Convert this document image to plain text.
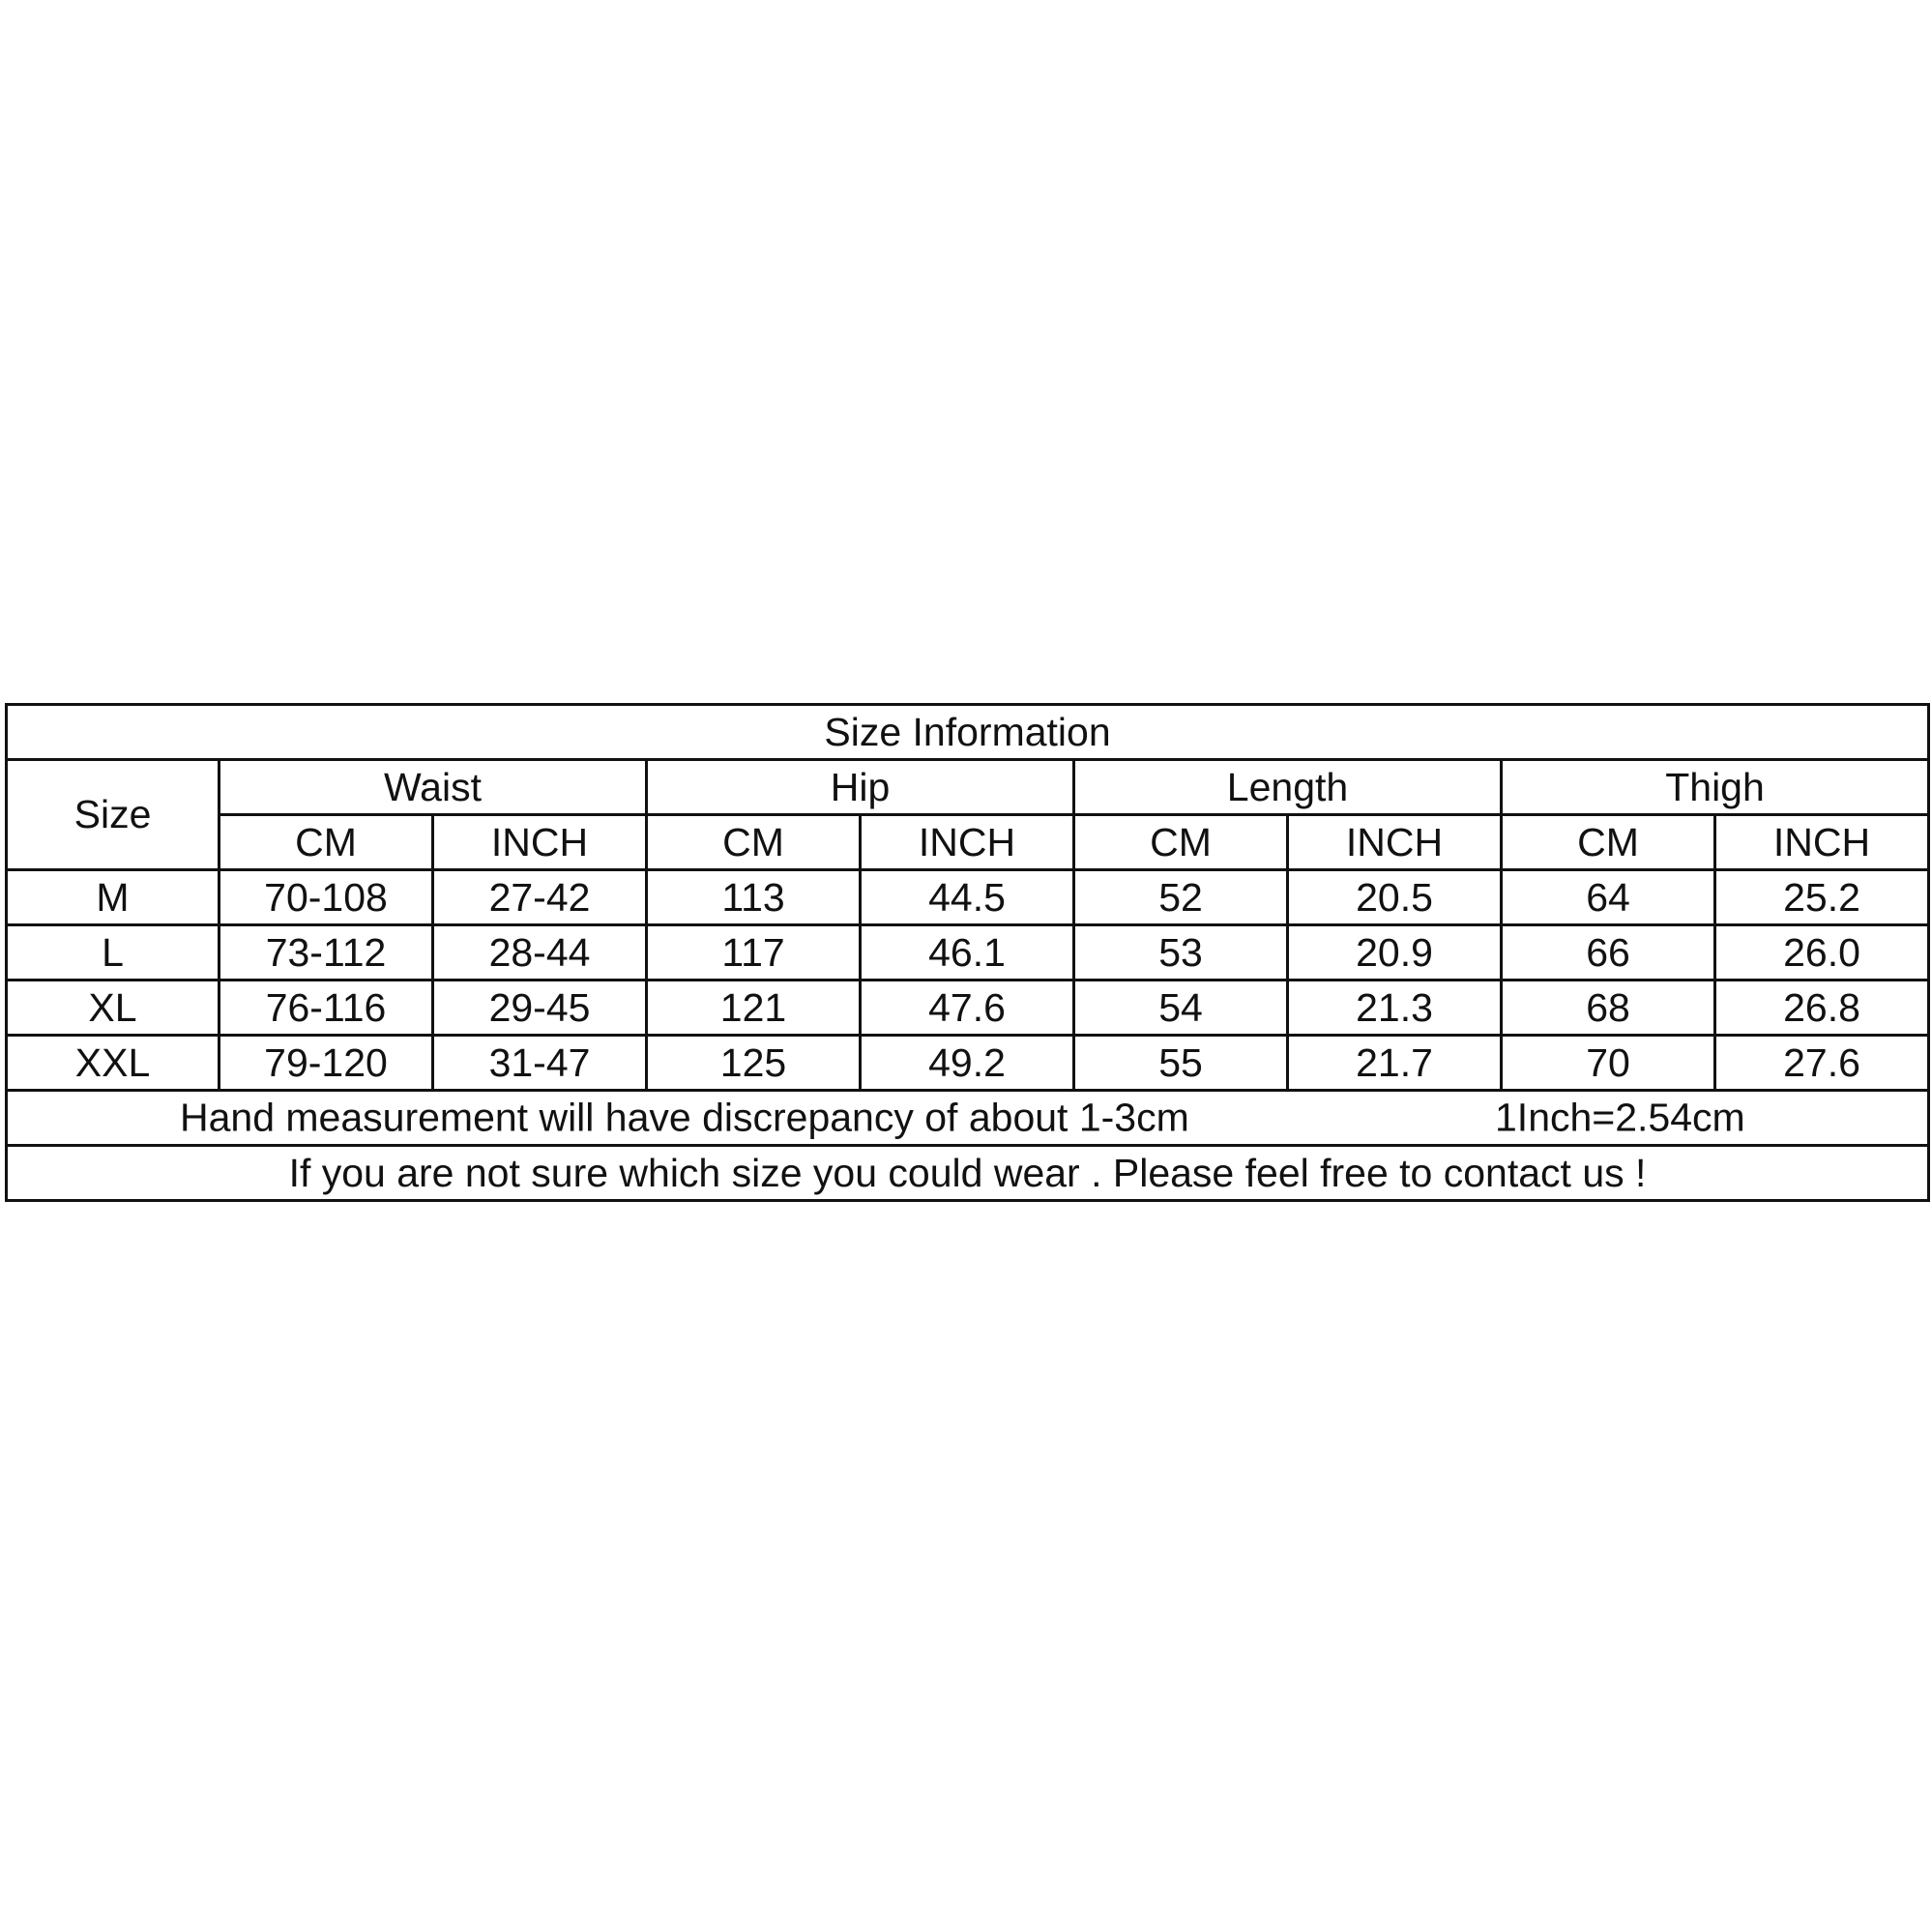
Size Information								
Size	Waist		Hip		Length		Thigh	
	CM	INCH	CM	INCH	CM	INCH	CM	INCH
M	70-108	27-42	113	44.5	52	20.5	64	25.2
L	73-112	28-44	117	46.1	53	20.9	66	26.0
XL	76-116	29-45	121	47.6	54	21.3	68	26.8
XXL	79-120	31-47	125	49.2	55	21.7	70	27.6

Hand measurement will have discrepancy of about 1-3cm 1Inch=2.54cm								

If you are not sure which size you could wear . Please feel free to contact us !								
